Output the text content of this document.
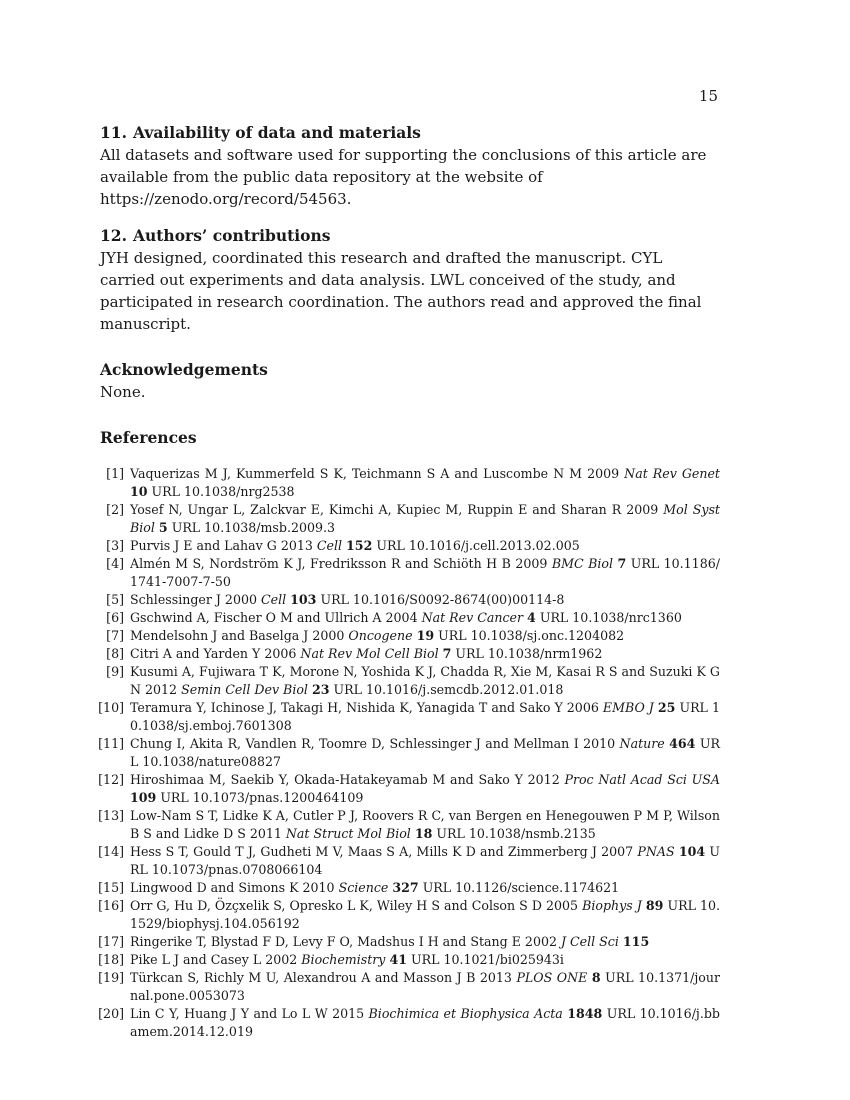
15
11. Availability of data and materials

All datasets and software used for supporting the conclusions of this article are available from the public data repository at the website of https://zenodo.org/record/54563.

12. Authors’ contributions

JYH designed, coordinated this research and drafted the manuscript. CYL carried out experiments and data analysis. LWL conceived of the study, and participated in research coordination. The authors read and approved the final manuscript.

Acknowledgements

None.

References
[1] Vaquerizas M J, Kummerfeld S K, Teichmann S A and Luscombe N M 2009 Nat Rev Genet 10 URL 10.1038/nrg2538
[2] Yosef N, Ungar L, Zalckvar E, Kimchi A, Kupiec M, Ruppin E and Sharan R 2009 Mol Syst Biol 5 URL 10.1038/msb.2009.3
[3] Purvis J E and Lahav G 2013 Cell 152 URL 10.1016/j.cell.2013.02.005
[4] Almén M S, Nordström K J, Fredriksson R and Schiöth H B 2009 BMC Biol 7 URL 10.1186/1741-7007-7-50
[5] Schlessinger J 2000 Cell 103 URL 10.1016/S0092-8674(00)00114-8
[6] Gschwind A, Fischer O M and Ullrich A 2004 Nat Rev Cancer 4 URL 10.1038/nrc1360
[7] Mendelsohn J and Baselga J 2000 Oncogene 19 URL 10.1038/sj.onc.1204082
[8] Citri A and Yarden Y 2006 Nat Rev Mol Cell Biol 7 URL 10.1038/nrm1962
[9] Kusumi A, Fujiwara T K, Morone N, Yoshida K J, Chadda R, Xie M, Kasai R S and Suzuki K G N 2012 Semin Cell Dev Biol 23 URL 10.1016/j.semcdb.2012.01.018
[10] Teramura Y, Ichinose J, Takagi H, Nishida K, Yanagida T and Sako Y 2006 EMBO J 25 URL 10.1038/sj.emboj.7601308
[11] Chung I, Akita R, Vandlen R, Toomre D, Schlessinger J and Mellman I 2010 Nature 464 URL 10.1038/nature08827
[12] Hiroshimaa M, Saekib Y, Okada-Hatakeyamab M and Sako Y 2012 Proc Natl Acad Sci USA 109 URL 10.1073/pnas.1200464109
[13] Low-Nam S T, Lidke K A, Cutler P J, Roovers R C, van Bergen en Henegouwen P M P, Wilson B S and Lidke D S 2011 Nat Struct Mol Biol 18 URL 10.1038/nsmb.2135
[14] Hess S T, Gould T J, Gudheti M V, Maas S A, Mills K D and Zimmerberg J 2007 PNAS 104 URL 10.1073/pnas.0708066104
[15] Lingwood D and Simons K 2010 Science 327 URL 10.1126/science.1174621
[16] Orr G, Hu D, Özçxelik S, Opresko L K, Wiley H S and Colson S D 2005 Biophys J 89 URL 10.1529/biophysj.104.056192
[17] Ringerike T, Blystad F D, Levy F O, Madshus I H and Stang E 2002 J Cell Sci 115
[18] Pike L J and Casey L 2002 Biochemistry 41 URL 10.1021/bi025943i
[19] Türkcan S, Richly M U, Alexandrou A and Masson J B 2013 PLOS ONE 8 URL 10.1371/journal.pone.0053073
[20] Lin C Y, Huang J Y and Lo L W 2015 Biochimica et Biophysica Acta 1848 URL 10.1016/j.bbamem.2014.12.019
